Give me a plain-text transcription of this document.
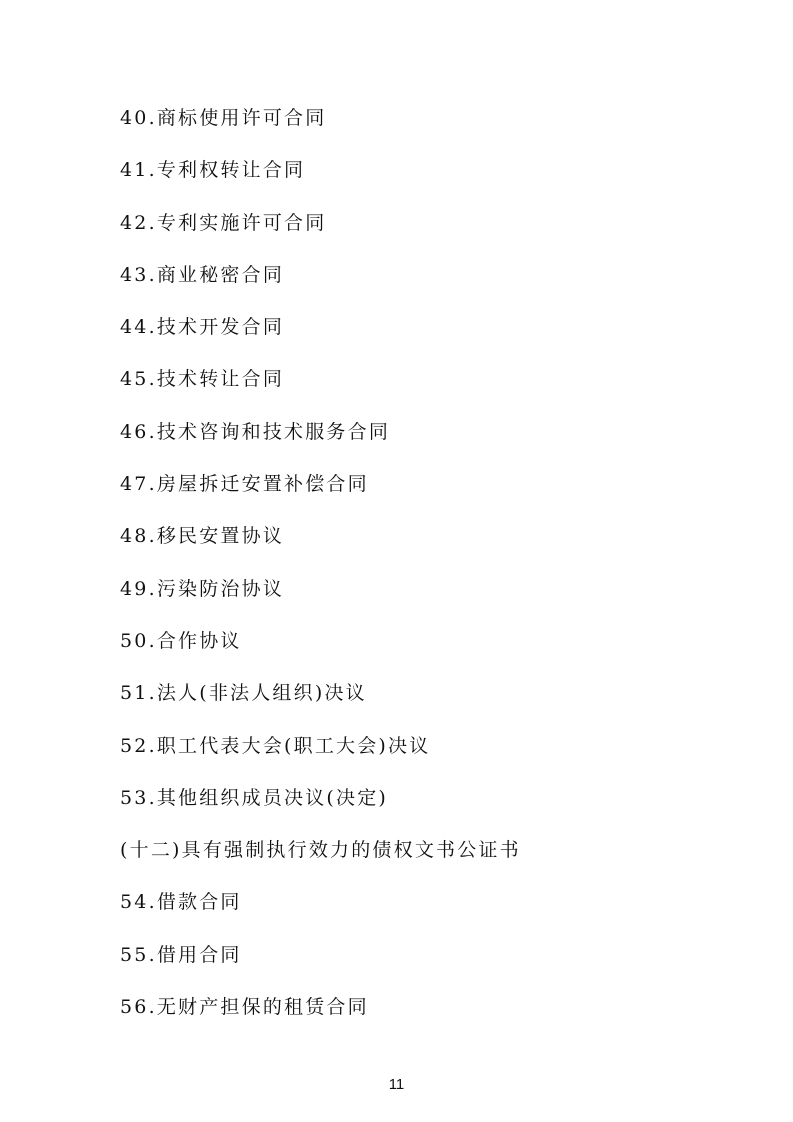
40.商标使用许可合同
41.专利权转让合同
42.专利实施许可合同
43.商业秘密合同
44.技术开发合同
45.技术转让合同
46.技术咨询和技术服务合同
47.房屋拆迁安置补偿合同
48.移民安置协议
49.污染防治协议
50.合作协议
51.法人(非法人组织)决议
52.职工代表大会(职工大会)决议
53.其他组织成员决议(决定)
(十二)具有强制执行效力的债权文书公证书
54.借款合同
55.借用合同
56.无财产担保的租赁合同
11
